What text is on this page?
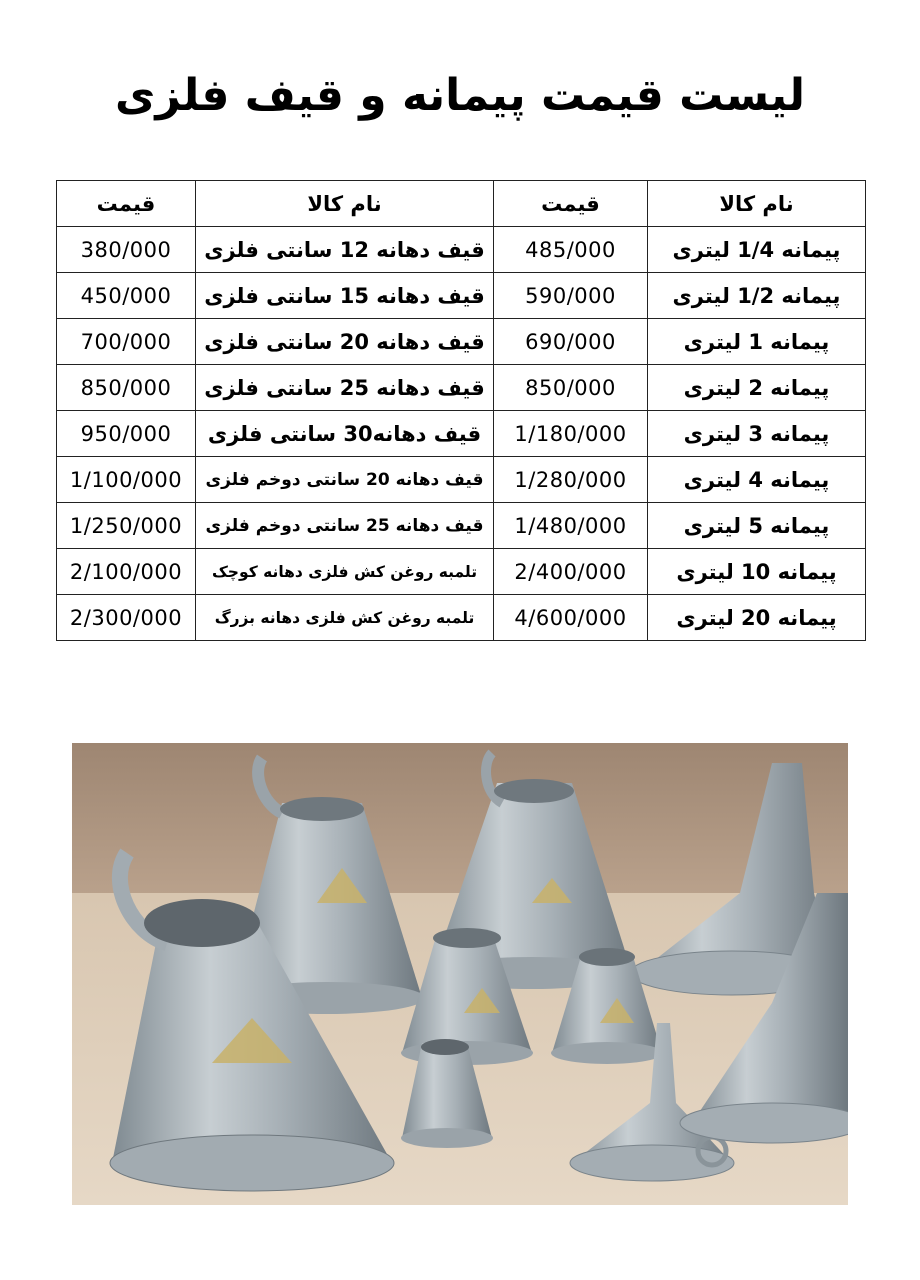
لیست قیمت پیمانه و قیف فلزی
قیمت	نام کالا	قیمت	نام کالا
380/000	قیف دهانه 12 سانتی فلزی	485/000	پیمانه 1/4 لیتری
450/000	قیف دهانه 15 سانتی فلزی	590/000	پیمانه 1/2 لیتری
700/000	قیف دهانه 20 سانتی فلزی	690/000	پیمانه 1 لیتری
850/000	قیف دهانه 25 سانتی فلزی	850/000	پیمانه 2 لیتری
950/000	قیف دهانه30 سانتی فلزی	1/180/000	پیمانه 3 لیتری
1/100/000	قیف دهانه 20 سانتی دوخم فلزی	1/280/000	پیمانه 4 لیتری
1/250/000	قیف دهانه 25 سانتی دوخم فلزی	1/480/000	پیمانه 5 لیتری
2/100/000	تلمبه روغن کش فلزی دهانه کوچک	2/400/000	پیمانه 10 لیتری
2/300/000	تلمبه روغن کش فلزی دهانه بزرگ	4/600/000	پیمانه 20 لیتری
